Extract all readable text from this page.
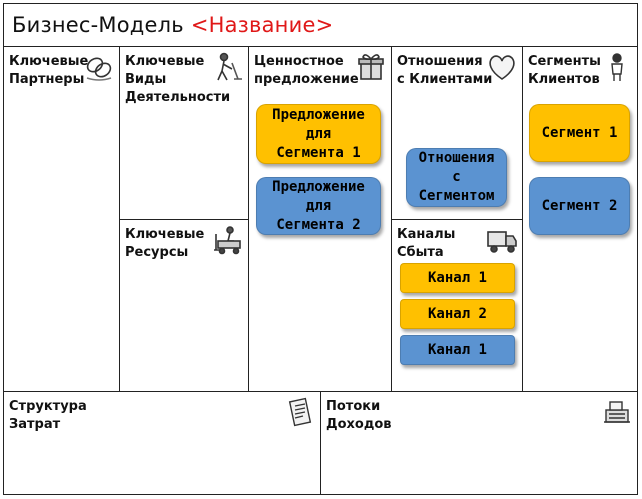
Бизнес-Модель <Название>
Ключевые
Партнеры
Ключевые
Виды
Деятельности
Ключевые
Ресурсы
Ценностное
предложение
Предложение
для
Сегмента 1
Предложение
для
Сегмента 2
Отношения
с Клиентами
Отношения
с
Сегментом
Каналы
Сбыта
Канал 1
Канал 2
Канал 1
Сегменты
Клиентов
Сегмент 1
Сегмент 2
Структура
Затрат
Потоки
Доходов
